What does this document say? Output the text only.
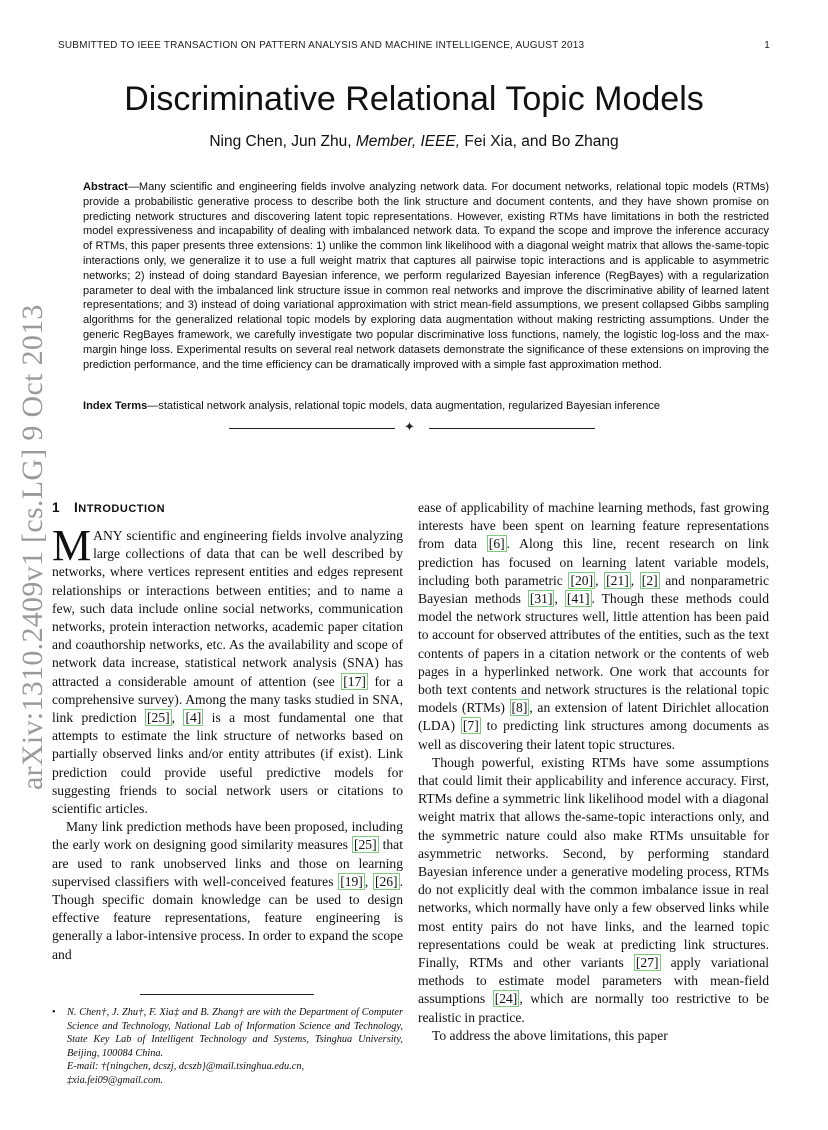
SUBMITTED TO IEEE TRANSACTION ON PATTERN ANALYSIS AND MACHINE INTELLIGENCE, AUGUST 2013	1
Discriminative Relational Topic Models
Ning Chen, Jun Zhu, Member, IEEE, Fei Xia, and Bo Zhang
Abstract—Many scientific and engineering fields involve analyzing network data. For document networks, relational topic models (RTMs) provide a probabilistic generative process to describe both the link structure and document contents, and they have shown promise on predicting network structures and discovering latent topic representations. However, existing RTMs have limitations in both the restricted model expressiveness and incapability of dealing with imbalanced network data. To expand the scope and improve the inference accuracy of RTMs, this paper presents three extensions: 1) unlike the common link likelihood with a diagonal weight matrix that allows the-same-topic interactions only, we generalize it to use a full weight matrix that captures all pairwise topic interactions and is applicable to asymmetric networks; 2) instead of doing standard Bayesian inference, we perform regularized Bayesian inference (RegBayes) with a regularization parameter to deal with the imbalanced link structure issue in common real networks and improve the discriminative ability of learned latent representations; and 3) instead of doing variational approximation with strict mean-field assumptions, we present collapsed Gibbs sampling algorithms for the generalized relational topic models by exploring data augmentation without making restricting assumptions. Under the generic RegBayes framework, we carefully investigate two popular discriminative loss functions, namely, the logistic log-loss and the max-margin hinge loss. Experimental results on several real network datasets demonstrate the significance of these extensions on improving the prediction performance, and the time efficiency can be dramatically improved with a simple fast approximation method.
Index Terms—statistical network analysis, relational topic models, data augmentation, regularized Bayesian inference
✦
arXiv:1310.2409v1 [cs.LG] 9 Oct 2013 1 INTRODUCTION

MANY scientific and engineering fields involve analyzing large collections of data that can be well described by networks, where vertices represent entities and edges represent relationships or interactions between entities; and to name a few, such data include online social networks, communication networks, protein interaction networks, academic paper citation and coauthorship networks, etc. As the availability and scope of network data increase, statistical network analysis (SNA) has attracted a considerable amount of attention (see [17] for a comprehensive survey). Among the many tasks studied in SNA, link prediction [25] , [4] is a most fundamental one that attempts to estimate the link structure of networks based on partially observed links and/or entity attributes (if exist). Link prediction could provide useful predictive models for suggesting friends to social network users or citations to scientific articles.

Many link prediction methods have been proposed, including the early work on designing good similarity measures [25] that are used to rank unobserved links and those on learning supervised classifiers with well-conceived features [19] , [26] . Though specific domain knowledge can be used to design effective feature representations, feature engineering is generally a labor-intensive process. In order to expand the scope and

•	N. Chen†, J. Zhu†, F. Xia‡ and B. Zhang† are with the Department of Computer Science and Technology, National Lab of Information Science and Technology, State Key Lab of Intelligent Technology and Systems, Tsinghua University, Beijing, 100084 China.
E-mail: †{ningchen, dcszj, dcszb}@mail.tsinghua.edu.cn,
‡xia.fei09@gmail.com.

ease of applicability of machine learning methods, fast growing interests have been spent on learning feature representations from data [6] . Along this line, recent research on link prediction has focused on learning latent variable models, including both parametric [20] , [21] , [2] and nonparametric Bayesian methods [31] , [41] . Though these methods could model the network structures well, little attention has been paid to account for observed attributes of the entities, such as the text contents of papers in a citation network or the contents of web pages in a hyperlinked network. One work that accounts for both text contents and network structures is the relational topic models (RTMs) [8] , an extension of latent Dirichlet allocation (LDA) [7] to predicting link structures among documents as well as discovering their latent topic structures.

Though powerful, existing RTMs have some assumptions that could limit their applicability and inference accuracy. First, RTMs define a symmetric link likelihood model with a diagonal weight matrix that allows the-same-topic interactions only, and the symmetric nature could also make RTMs unsuitable for asymmetric networks. Second, by performing standard Bayesian inference under a generative modeling process, RTMs do not explicitly deal with the common imbalance issue in real networks, which normally have only a few observed links while most entity pairs do not have links, and the learned topic representations could be weak at predicting link structures. Finally, RTMs and other variants [27] apply variational methods to estimate model parameters with mean-field assumptions [24] , which are normally too restrictive to be realistic in practice.

To address the above limitations, this paper
